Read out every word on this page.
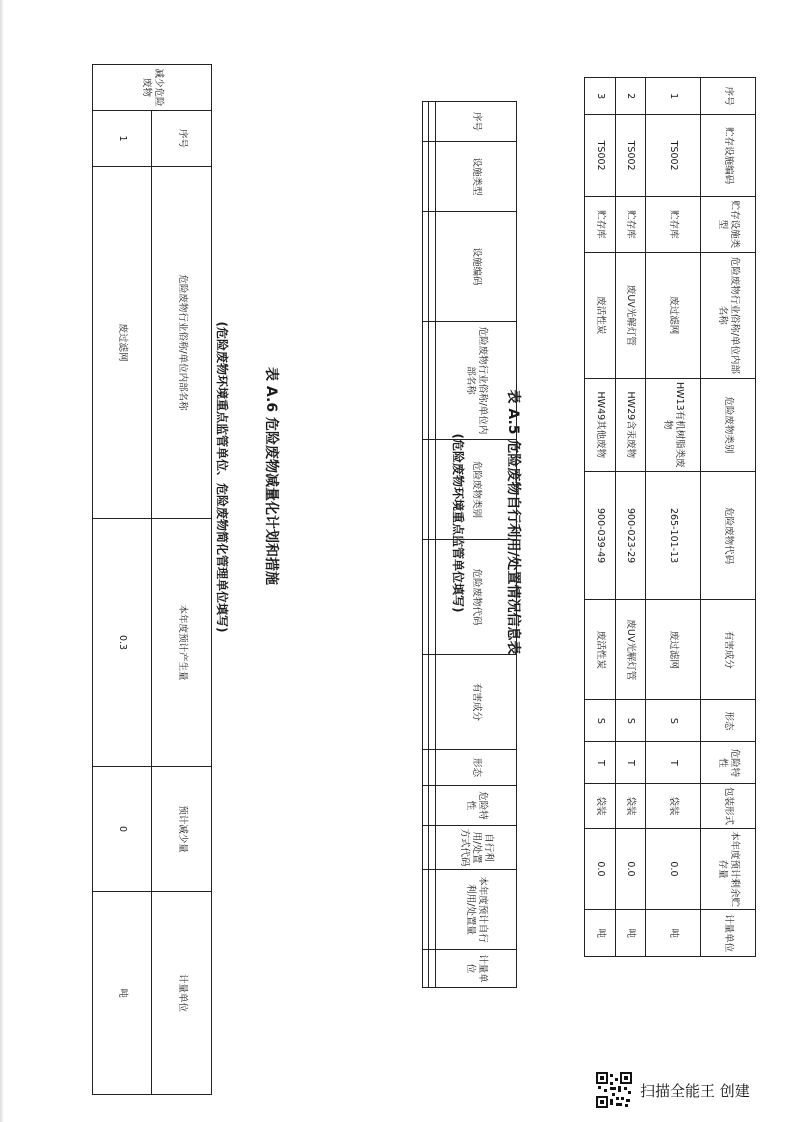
序号	贮存设施编码	贮存设施类型	危险废物行业俗称/单位内部名称	危险废物类别	危险废物代码	有害成分	形态	危险特性	包装形式	本年度预计剩余贮存量	计量单位
1	TS002	贮存库	废过滤网	HW13有机树脂类废物	265-101-13	废过滤网	S	T	袋装	0.0	吨
2	TS002	贮存库	废UV光解灯管	HW29含汞废物	900-023-29	废UV光解灯管	S	T	袋装	0.0	吨
3	TS002	贮存库	废活性炭	HW49其他废物	900-039-49	废活性炭	S	T	袋装	0.0	吨
表 A.5 危险废物自行利用/处置情况信息表
(危险废物环境重点监管单位填写)
序号	设施类型	设施编码	危险废物行业俗称/单位内部名称	危险废物类别	危险废物代码	有害成分	形态	危险特性	自行利用/处置方式代码	本年度预计自行利用/处置量	计量单位

表 A.6 危险废物减量化计划和措施
(危险废物环境重点监管单位、危险废物简化管理单位填写)
减少危险废物	序号	危险废物行业俗称/单位内部名称	本年度预计产生量	预计减少量	计量单位
	1	废过滤网	0.3	0	吨
扫描全能王 创建
